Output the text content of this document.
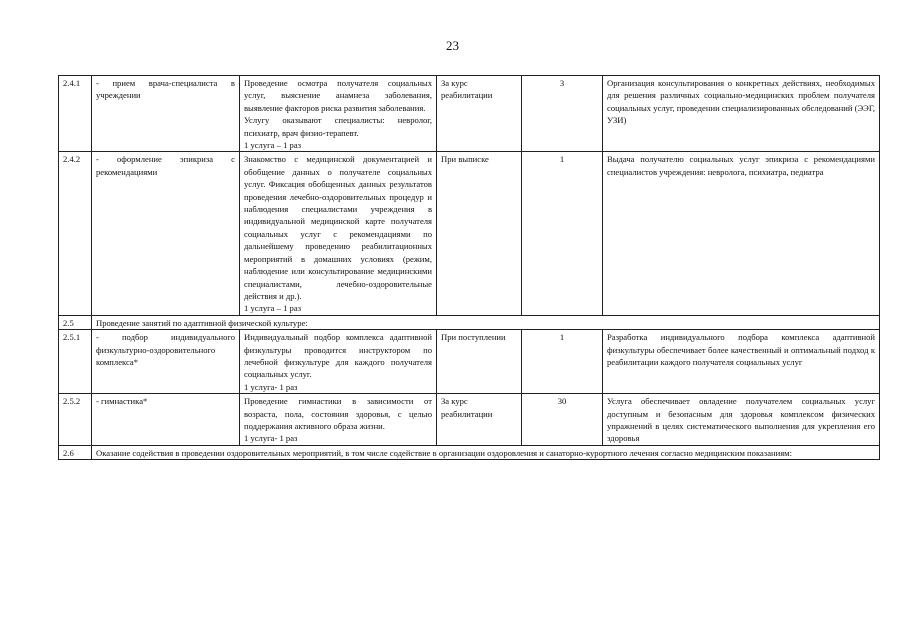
23
2.4.1	- прием врача-специалиста в учреждении	Проведение осмотра получателя социальных услуг, выяснение анамнеза заболевания, выявление факторов риска развития заболевания.
Услугу оказывают специалисты: невролог, психиатр, врач физио-терапевт.
1 услуга – 1 раз	За курс реабилитации	3	Организация консультирования о конкретных действиях, необходимых для решения различных социально-медицинских проблем получателя социальных услуг, проведении специализированных обследований (ЭЭГ, УЗИ)
2.4.2	- оформление эпикриза с рекомендациями	Знакомство с медицинской документацией и обобщение данных о получателе социальных услуг. Фиксация обобщенных данных результатов проведения лечебно-оздоровительных процедур и наблюдения специалистами учреждения в индивидуальной медицинской карте получателя социальных услуг с рекомендациями по дальнейшему проведению реабилитационных мероприятий в домашних условиях (режим, наблюдение или консультирование медицинскими специалистами, лечебно-оздоровительные действия и др.).
1 услуга – 1 раз	При выписке	1	Выдача получателю социальных услуг эпикриза с рекомендациями специалистов учреждения: невролога, психиатра, педиатра
2.5	Проведение занятий по адаптивной физической культуре:				
2.5.1	- подбор индивидуального физкультурно-оздоровительного комплекса*	Индивидуальный подбор комплекса адаптивной физкультуры проводится инструктором по лечебной физкультуре для каждого получателя социальных услуг.
1 услуга- 1 раз	При поступлении	1	Разработка индивидуального подбора комплекса адаптивной физкультуры обеспечивает более качественный и оптимальный подход к реабилитации каждого получателя социальных услуг
2.5.2	- гимнастика*	Проведение гимнастики в зависимости от возраста, пола, состояния здоровья, с целью поддержания активного образа жизни.
1 услуга- 1 раз	За курс реабилитации	30	Услуга обеспечивает овладение получателем социальных услуг доступным и безопасным для здоровья комплексом физических упражнений в целях систематического выполнения для укрепления его здоровья
2.6	Оказание содействия в проведении оздоровительных мероприятий, в том числе содействие в организации оздоровления и санаторно-курортного лечения согласно медицинским показаниям:				
